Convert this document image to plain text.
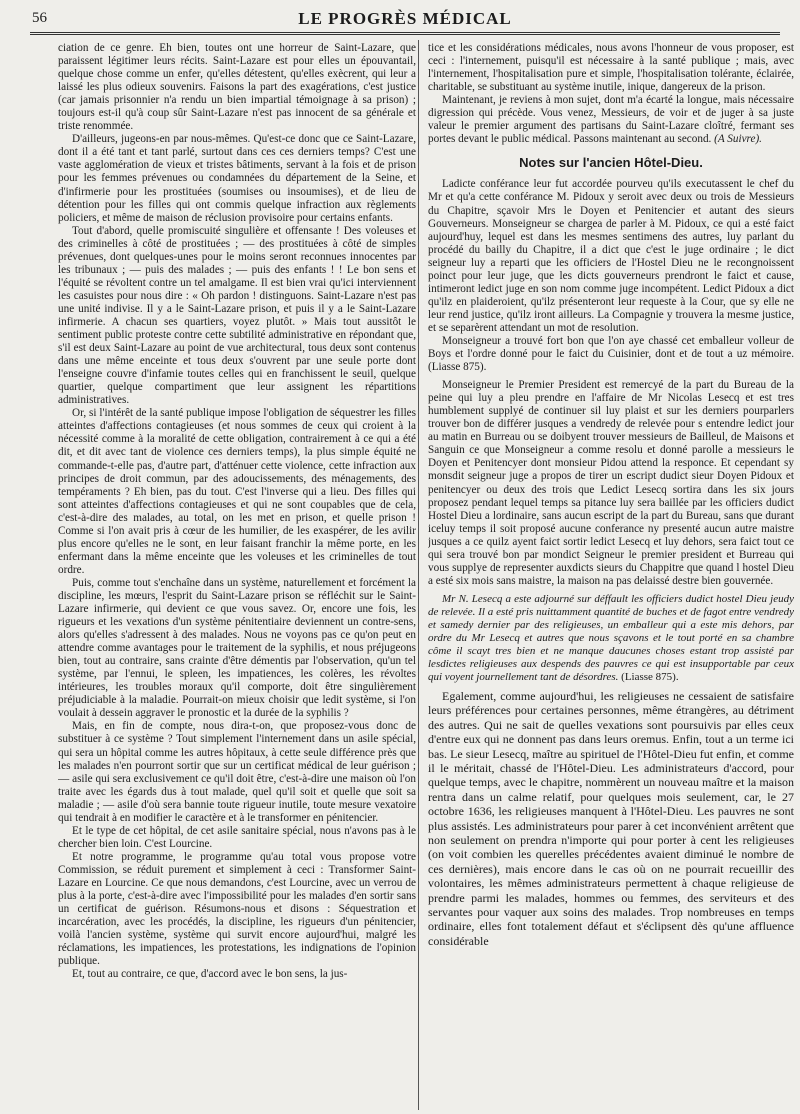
56	LE PROGRÈS MÉDICAL

ciation de ce genre. Eh bien, toutes ont une horreur de Saint-Lazare, que paraissent légitimer leurs récits. Saint-Lazare est pour elles un épouvantail, quelque chose comme un enfer, qu'elles détestent, qu'elles exècrent, qui leur a laissé les plus odieux souvenirs. Faisons la part des exagérations, c'est justice (car jamais prisonnier n'a rendu un bien impartial témoignage à sa prison) ; toujours est-il qu'à coup sûr Saint-Lazare n'est pas innocent de sa générale et triste renommée.

D'ailleurs, jugeons-en par nous-mêmes. Qu'est-ce donc que ce Saint-Lazare, dont il a été tant et tant parlé, surtout dans ces ces derniers temps? C'est une vaste agglomération de vieux et tristes bâtiments, servant à la fois et de prison pour les femmes prévenues ou condamnées du département de la Seine, et d'infirmerie pour les prostituées (soumises ou insoumises), et de lieu de détention pour les filles qui ont commis quelque infraction aux règlements policiers, et même de maison de réclusion provisoire pour certains enfants.

Tout d'abord, quelle promiscuité singulière et offensante ! Des voleuses et des criminelles à côté de prostituées ; — des prostituées à côté de simples prévenues, dont quelques-unes pour le moins seront reconnues innocentes par les tribunaux ; — puis des malades ; — puis des enfants ! ! Le bon sens et l'équité se révoltent contre un tel amalgame. Il est bien vrai qu'ici interviennent les casuistes pour nous dire : « Oh pardon ! distinguons. Saint-Lazare n'est pas une unité indivise. Il y a le Saint-Lazare prison, et puis il y a le Saint-Lazare infirmerie. A chacun ses quartiers, voyez plutôt. » Mais tout aussitôt le sentiment public proteste contre cette subtilité administrative en répondant que, s'il est deux Saint-Lazare au point de vue architectural, tous deux sont contenus dans une même enceinte et tous deux s'ouvrent par une seule porte dont l'enseigne couvre d'infamie toutes celles qui en franchissent le seuil, quelque quartier, quelque compartiment que leur assignent les répartitions administratives.

Or, si l'intérêt de la santé publique impose l'obligation de séquestrer les filles atteintes d'affections contagieuses (et nous sommes de ceux qui croient à la nécessité comme à la moralité de cette obligation, contrairement à ce qui a été dit, et dit avec tant de violence ces derniers temps), la plus simple équité ne commande-t-elle pas, d'autre part, d'atténuer cette violence, cette infraction aux principes de droit commun, par des adoucissements, des ménagements, des tempéraments ? Eh bien, pas du tout. C'est l'inverse qui a lieu. Des filles qui sont atteintes d'affections contagieuses et qui ne sont coupables que de cela, c'est-à-dire des malades, au total, on les met en prison, et quelle prison ! Comme si l'on avait pris à cœur de les humilier, de les exaspérer, de les avilir plus encore qu'elles ne le sont, en leur faisant franchir la même porte, en les enfermant dans la même enceinte que les voleuses et les criminelles de tout ordre.

Puis, comme tout s'enchaîne dans un système, naturellement et forcément la discipline, les mœurs, l'esprit du Saint-Lazare prison se réfléchit sur le Saint-Lazare infirmerie, qui devient ce que vous savez. Or, encore une fois, les rigueurs et les vexations d'un système pénitentiaire deviennent un contre-sens, alors qu'elles s'adressent à des malades. Nous ne voyons pas ce qu'on peut en attendre comme avantages pour le traitement de la syphilis, et nous préjugeons bien, tout au contraire, sans crainte d'être démentis par l'observation, qu'un tel système, par l'ennui, le spleen, les impatiences, les colères, les révoltes intérieures, les troubles moraux qu'il comporte, doit être singulièrement préjudiciable à la maladie. Pourrait-on mieux choisir que ledit système, si l'on voulait à dessein aggraver le pronostic et la durée de la syphilis ?

Mais, en fin de compte, nous dira-t-on, que proposez-vous donc de substituer à ce système ? Tout simplement l'internement dans un asile spécial, qui sera un hôpital comme les autres hôpitaux, à cette seule différence près que les malades n'en pourront sortir que sur un certificat médical de leur guérison ; — asile qui sera exclusivement ce qu'il doit être, c'est-à-dire une maison où l'on traite avec les égards dus à tout malade, quel qu'il soit et quelle que soit sa maladie ; — asile d'où sera bannie toute rigueur inutile, toute mesure vexatoire qui tendrait à en modifier le caractère et à le transformer en pénitencier.

Et le type de cet hôpital, de cet asile sanitaire spécial, nous n'avons pas à le chercher bien loin. C'est Lourcine.

Et notre programme, le programme qu'au total vous propose votre Commission, se réduit purement et simplement à ceci : Transformer Saint-Lazare en Lourcine. Ce que nous demandons, c'est Lourcine, avec un verrou de plus à la porte, c'est-à-dire avec l'impossibilité pour les malades d'en sortir sans un certificat de guérison. Résumons-nous et disons : Séquestration et incarcération, avec les procédés, la discipline, les rigueurs d'un pénitencier, voilà l'ancien système, système qui survit encore aujourd'hui, malgré les réclamations, les impatiences, les protestations, les indignations de l'opinion publique.

Et, tout au contraire, ce que, d'accord avec le bon sens, la jus-

tice et les considérations médicales, nous avons l'honneur de vous proposer, est ceci : l'internement, puisqu'il est nécessaire à la santé publique ; mais, avec l'internement, l'hospitalisation pure et simple, l'hospitalisation tolérante, éclairée, charitable, se substituant au système inutile, inique, dangereux de la prison.

Maintenant, je reviens à mon sujet, dont m'a écarté la longue, mais nécessaire digression qui précède. Vous venez, Messieurs, de voir et de juger à sa juste valeur le premier argument des partisans du Saint-Lazare cloîtré, fermant ses portes devant le public médical. Passons maintenant au second. (A Suivre).

Notes sur l'ancien Hôtel-Dieu.

Ladicte conférance leur fut accordée pourveu qu'ils executassent le chef du Mr et qu'a cette conférance M. Pidoux y seroit avec deux ou trois de Messieurs du Chapitre, sçavoir Mrs le Doyen et Penitencier et autant des sieurs Gouverneurs. Monseigneur se chargea de parler à M. Pidoux, ce qui a esté faict aujourd'huy, lequel est dans les mesmes sentimens des autres, luy parlant du procédé du bailly du Chapitre, il a dict que c'est le juge ordinaire ; le dict seigneur luy a reparti que les officiers de l'Hostel Dieu ne le recongnoissent poinct pour leur juge, que les dicts gouverneurs prendront le faict et cause, intimeront ledict juge en son nom comme juge incompétent. Ledict Pidoux a dict qu'ilz en plaideroient, qu'ilz présenteront leur requeste à la Cour, que sy elle ne leur rend justice, qu'ilz iront ailleurs. La Compagnie y trouvera la mesme justice, et se separèrent attendant un mot de resolution.

Monseigneur a trouvé fort bon que l'on aye chassé cet emballeur volleur de Boys et l'ordre donné pour le faict du Cuisinier, dont et de tout a uz mémoire. (Liasse 875).

Monseigneur le Premier President est remercyé de la part du Bureau de la peine qui luy a pleu prendre en l'affaire de Mr Nicolas Lesecq et est tres humblement supplyé de continuer sil luy plaist et sur les derniers pourparlers trouver bon de différer jusques a vendredy de relevée pour s entendre ledict jour au matin en Burreau ou se doibyent trouver messieurs de Bailleul, de Maisons et Sanguin ce que Monseigneur a comme resolu et donné parolle a messieurs le Doyen et Penitencyer dont monsieur Pidou attend la responce. Et cependant sy monsdit seigneur juge a propos de tirer un escript dudict sieur Doyen Pidoux et penitencyer ou deux des trois que Ledict Lesecq sortira dans les six jours proposez pendant lequel temps sa pitance luy sera baillée par les officiers dudict Hostel Dieu a lordinaire, sans aucun escript de la part du Bureau, sans que durant iceluy temps il soit proposé aucune conferance ny presenté aucun autre maistre jusques a ce quilz ayent faict sortir ledict Lesecq et luy dehors, sera faict tout ce qui sera trouvé bon par mondict Seigneur le premier president et Burreau qui vous supplye de representer auxdicts sieurs du Chappitre que quand l hostel Dieu a esté six mois sans maistre, la maison na pas delaissé destre bien gouvernée.

Mr N. Lesecq a este adjourné sur déffault les officiers dudict hostel Dieu jeudy de relevée. Il a esté pris nuittamment quantité de buches et de fagot entre vendredy et samedy dernier par des religieuses, un emballeur qui a este mis dehors, par ordre du Mr Lesecq et autres que nous sçavons et le tout porté en sa chambre côme il scayt tres bien et ne manque daucunes choses estant trop assisté par lesdictes religieuses aux despends des pauvres ce qui est insupportable par ceux qui voyent journellement tant de désordres. (Liasse 875).

Egalement, comme aujourd'hui, les religieuses ne cessaient de satisfaire leurs préférences pour certaines personnes, même étrangères, au détriment des autres. Qui ne sait de quelles vexations sont poursuivis par elles ceux d'entre eux qui ne donnent pas dans leurs oremus. Enfin, tout a un terme ici bas. Le sieur Lesecq, maître au spirituel de l'Hôtel-Dieu fut enfin, et comme il le méritait, chassé de l'Hôtel-Dieu. Les administrateurs d'accord, pour quelque temps, avec le chapitre, nommèrent un nouveau maître et la maison rentra dans un calme relatif, pour quelques mois seulement, car, le 27 octobre 1636, les religieuses manquent à l'Hôtel-Dieu. Les pauvres ne sont plus assistés. Les administrateurs pour parer à cet inconvénient arrêtent que non seulement on prendra n'importe qui pour porter à cent les religieuses (on voit combien les querelles précédentes avaient diminué le nombre de ces dernières), mais encore dans le cas où on ne pourrait recueillir des volontaires, les mêmes administrateurs permettent à chaque religieuse de prendre parmi les malades, hommes ou femmes, des serviteurs et des servantes pour vaquer aux soins des malades. Trop nombreuses en temps ordinaire, elles font totalement défaut et s'éclipsent dès qu'une affluence considérable
